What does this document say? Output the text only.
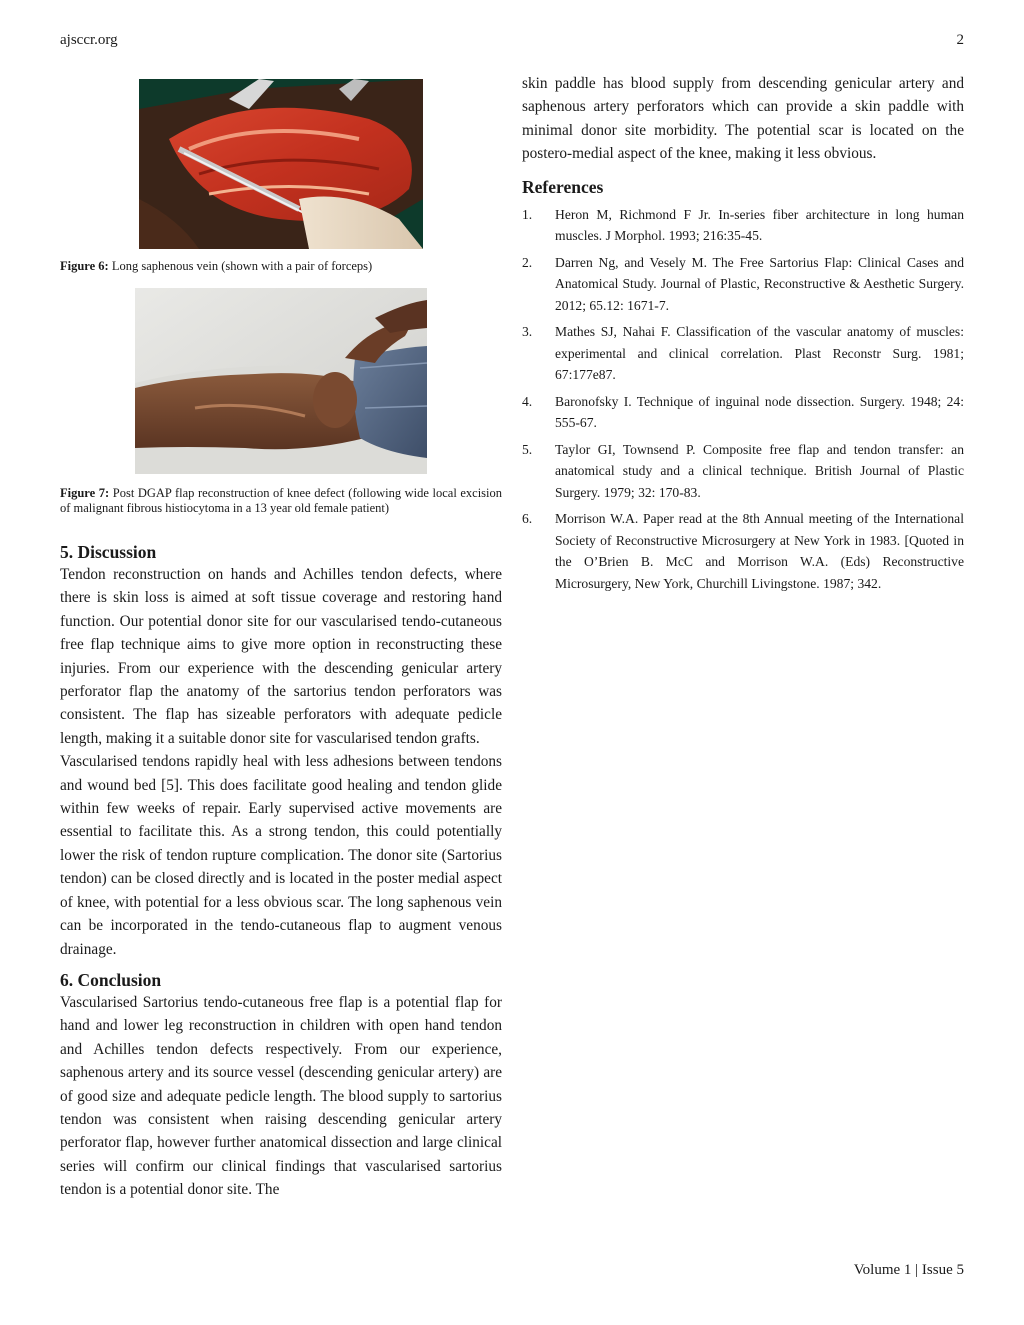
ajsccr.org	2
Figure 6: Long saphenous vein (shown with a pair of forceps)
Figure 7: Post DGAP flap reconstruction of knee defect (following wide local excision of malignant fibrous histiocytoma in a 13 year old female patient)
5. Discussion

Tendon reconstruction on hands and Achilles tendon defects, where there is skin loss is aimed at soft tissue coverage and restoring hand function. Our potential donor site for our vascularised tendo-cutaneous free flap technique aims to give more option in reconstructing these injuries. From our experience with the descending genicular artery perforator flap the anatomy of the sartorius tendon perforators was consistent. The flap has sizeable perforators with adequate pedicle length, making it a suitable donor site for vascularised tendon grafts.

Vascularised tendons rapidly heal with less adhesions between tendons and wound bed [5]. This does facilitate good healing and tendon glide within few weeks of repair. Early supervised active movements are essential to facilitate this. As a strong tendon, this could potentially lower the risk of tendon rupture complication. The donor site (Sartorius tendon) can be closed directly and is located in the poster medial aspect of knee, with potential for a less obvious scar. The long saphenous vein can be incorporated in the tendo-cutaneous flap to augment venous drainage.

6. Conclusion

Vascularised Sartorius tendo-cutaneous free flap is a potential flap for hand and lower leg reconstruction in children with open hand tendon and Achilles tendon defects respectively. From our experience, saphenous artery and its source vessel (descending genicular artery) are of good size and adequate pedicle length. The blood supply to sartorius tendon was consistent when raising descending genicular artery perforator flap, however further anatomical dissection and large clinical series will confirm our clinical findings that vascularised sartorius tendon is a potential donor site. The

skin paddle has blood supply from descending genicular artery and saphenous artery perforators which can provide a skin paddle with minimal donor site morbidity. The potential scar is located on the postero-medial aspect of the knee, making it less obvious.

References
1.	Heron M, Richmond F Jr. In-series fiber architecture in long human muscles. J Morphol. 1993; 216:35-45.
2.	Darren Ng, and Vesely M. The Free Sartorius Flap: Clinical Cases and Anatomical Study. Journal of Plastic, Reconstructive & Aesthetic Surgery. 2012; 65.12: 1671-7.
3.	Mathes SJ, Nahai F. Classification of the vascular anatomy of muscles: experimental and clinical correlation. Plast Reconstr Surg. 1981; 67:177e87.
4.	Baronofsky I. Technique of inguinal node dissection. Surgery. 1948; 24: 555-67.
5.	Taylor GI, Townsend P. Composite free flap and tendon transfer: an anatomical study and a clinical technique. British Journal of Plastic Surgery. 1979; 32: 170-83.
6.	Morrison W.A. Paper read at the 8th Annual meeting of the International Society of Reconstructive Microsurgery at New York in 1983. [Quoted in the O’Brien B. McC and Morrison W.A. (Eds) Reconstructive Microsurgery, New York, Churchill Livingstone. 1987; 342.
Volume 1 | Issue 5
